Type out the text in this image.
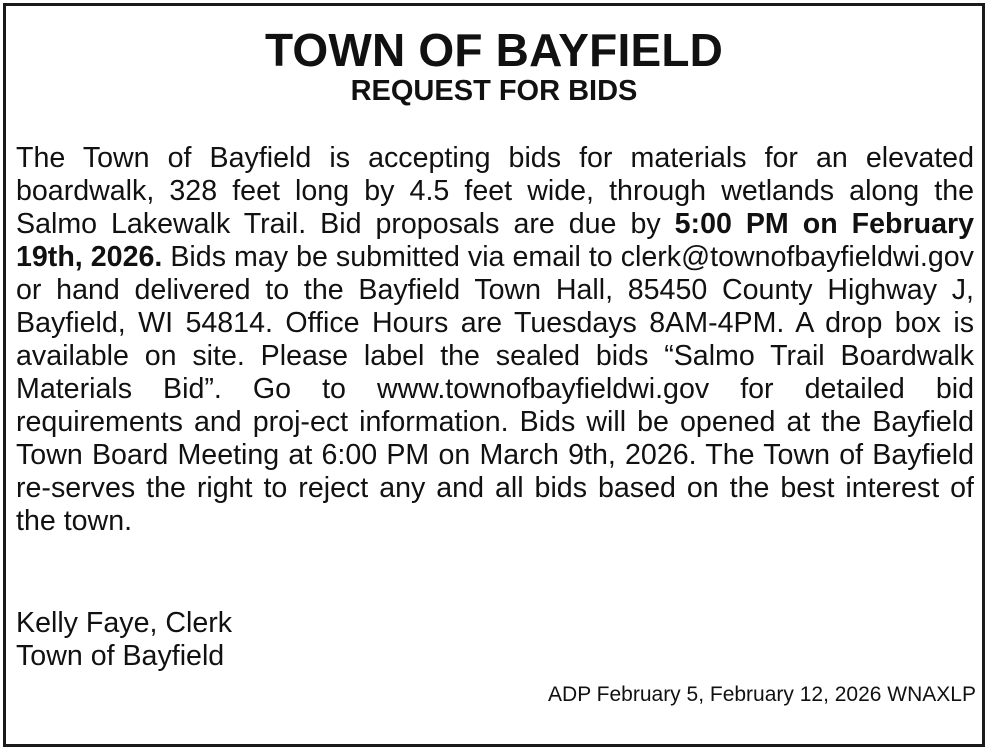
TOWN OF BAYFIELD
REQUEST FOR BIDS

The Town of Bayfield is accepting bids for materials for an elevated boardwalk, 328 feet long by 4.5 feet wide, through wetlands along the Salmo Lakewalk Trail. Bid proposals are due by 5:00 PM on February 19th, 2026. Bids may be submitted via email to clerk@townofbayfieldwi.gov or hand delivered to the Bayfield Town Hall, 85450 County Highway J, Bayfield, WI 54814. Office Hours are Tuesdays 8AM-4PM. A drop box is available on site. Please label the sealed bids “Salmo Trail Boardwalk Materials Bid”. Go to www.townofbayfieldwi.gov for detailed bid requirements and proj-ect information. Bids will be opened at the Bayfield Town Board Meeting at 6:00 PM on March 9th, 2026. The Town of Bayfield re-serves the right to reject any and all bids based on the best interest of the town.

Kelly Faye, Clerk
Town of Bayfield
ADP February 5, February 12, 2026 WNAXLP
